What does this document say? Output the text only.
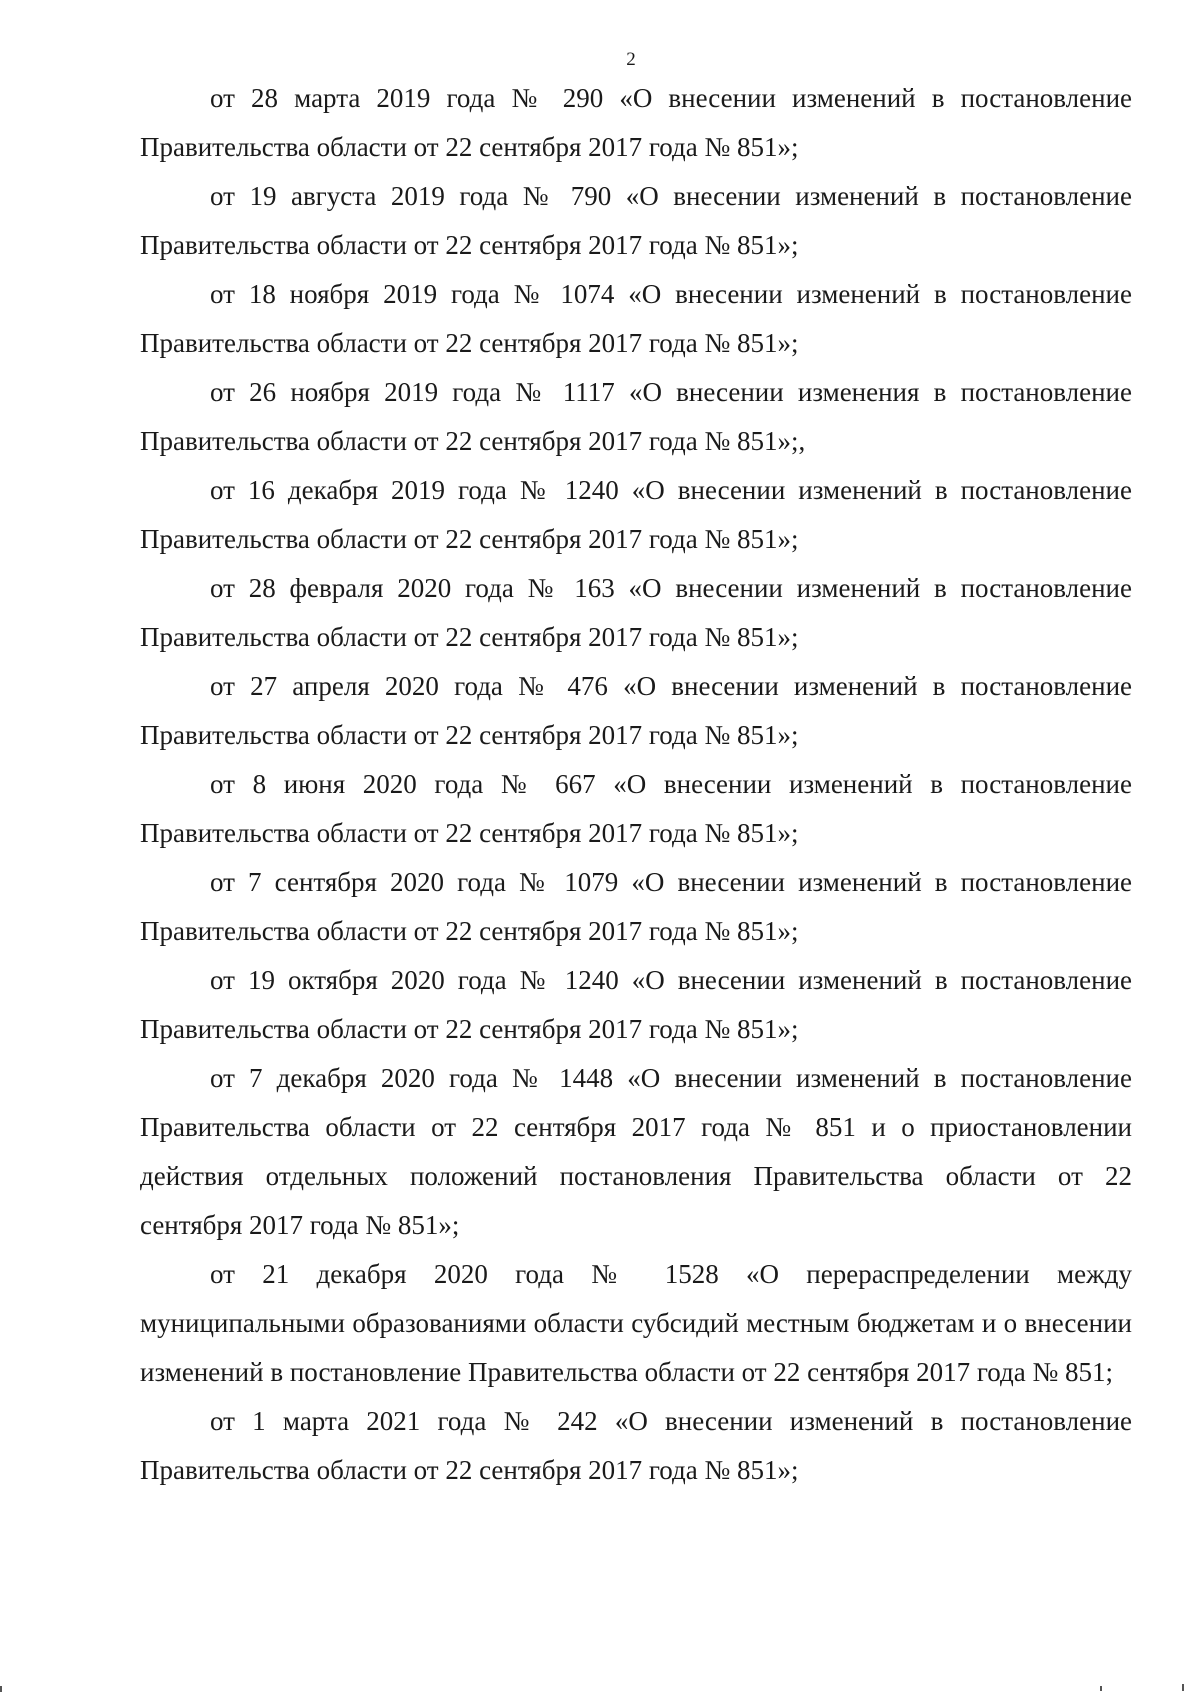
2

от 28 марта 2019 года № 290 «О внесении изменений в постановление Правительства области от 22 сентября 2017 года № 851»;

от 19 августа 2019 года № 790 «О внесении изменений в постановление Правительства области от 22 сентября 2017 года № 851»;

от 18 ноября 2019 года № 1074 «О внесении изменений в постановление Правительства области от 22 сентября 2017 года № 851»;

от 26 ноября 2019 года № 1117 «О внесении изменения в постановление Правительства области от 22 сентября 2017 года № 851»;,

от 16 декабря 2019 года № 1240 «О внесении изменений в постановление Правительства области от 22 сентября 2017 года № 851»;

от 28 февраля 2020 года № 163 «О внесении изменений в постановление Правительства области от 22 сентября 2017 года № 851»;

от 27 апреля 2020 года № 476 «О внесении изменений в постановление Правительства области от 22 сентября 2017 года № 851»;

от 8 июня 2020 года № 667 «О внесении изменений в постановление Правительства области от 22 сентября 2017 года № 851»;

от 7 сентября 2020 года № 1079 «О внесении изменений в постановление Правительства области от 22 сентября 2017 года № 851»;

от 19 октября 2020 года № 1240 «О внесении изменений в постановление Правительства области от 22 сентября 2017 года № 851»;

от 7 декабря 2020 года № 1448 «О внесении изменений в постановление Правительства области от 22 сентября 2017 года № 851 и о приостановлении действия отдельных положений постановления Правительства области от 22 сентября 2017 года № 851»;

от 21 декабря 2020 года № 1528 «О перераспределении между муниципальными образованиями области субсидий местным бюджетам и о внесении изменений в постановление Правительства области от 22 сентября 2017 года № 851;

от 1 марта 2021 года № 242 «О внесении изменений в постановление Правительства области от 22 сентября 2017 года № 851»;
